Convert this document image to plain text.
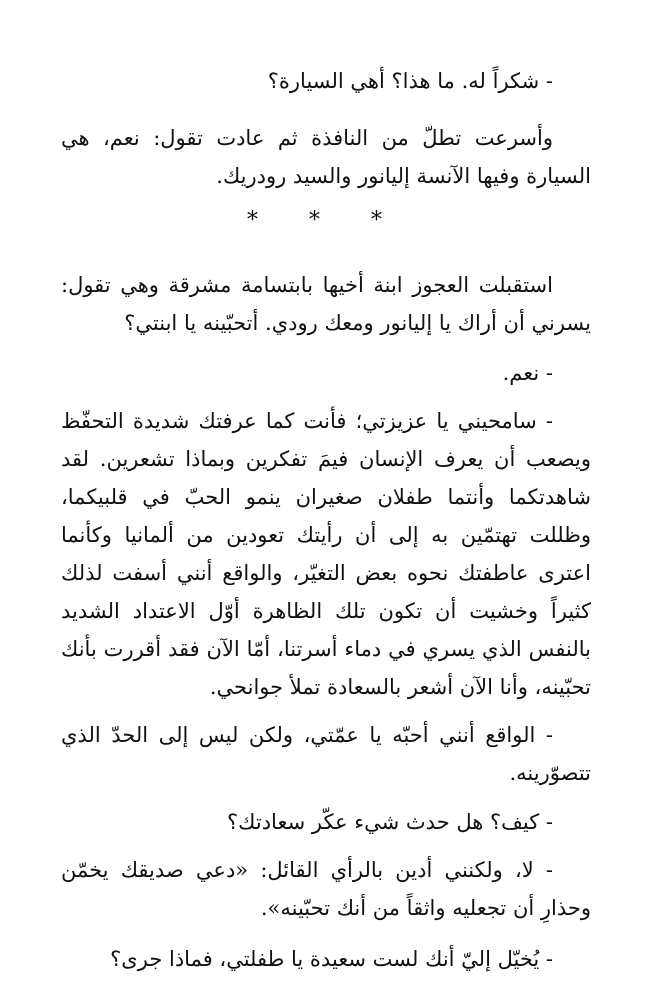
- شكراً له. ما هذا؟ أهي السيارة؟

وأسرعت تطلّ من النافذة ثم عادت تقول: نعم، هي السيارة وفيها الآنسة إليانور والسيد رودريك.

* * *

استقبلت العجوز ابنة أخيها بابتسامة مشرقة وهي تقول: يسرني أن أراك يا إليانور ومعك رودي. أتحبّينه يا ابنتي؟

- نعم.

- سامحيني يا عزيزتي؛ فأنت كما عرفتك شديدة التحفّظ ويصعب أن يعرف الإنسان فيمَ تفكرين وبماذا تشعرين. لقد شاهدتكما وأنتما طفلان صغيران ينمو الحبّ في قلبيكما، وظللت تهتمّين به إلى أن رأيتك تعودين من ألمانيا وكأنما اعترى عاطفتك نحوه بعض التغيّر، والواقع أنني أسفت لذلك كثيراً وخشيت أن تكون تلك الظاهرة أوّل الاعتداد الشديد بالنفس الذي يسري في دماء أسرتنا، أمّا الآن فقد أقررت بأنك تحبّينه، وأنا الآن أشعر بالسعادة تملأ جوانحي.

- الواقع أنني أحبّه يا عمّتي، ولكن ليس إلى الحدّ الذي تتصوّرينه.

- كيف؟ هل حدث شيء عكّر سعادتك؟

- لا، ولكنني أدين بالرأي القائل: «دعي صديقك يخمّن وحذارِ أن تجعليه واثقاً من أنك تحبّينه».

- يُخيّل إليّ أنك لست سعيدة يا طفلتي، فماذا جرى؟
